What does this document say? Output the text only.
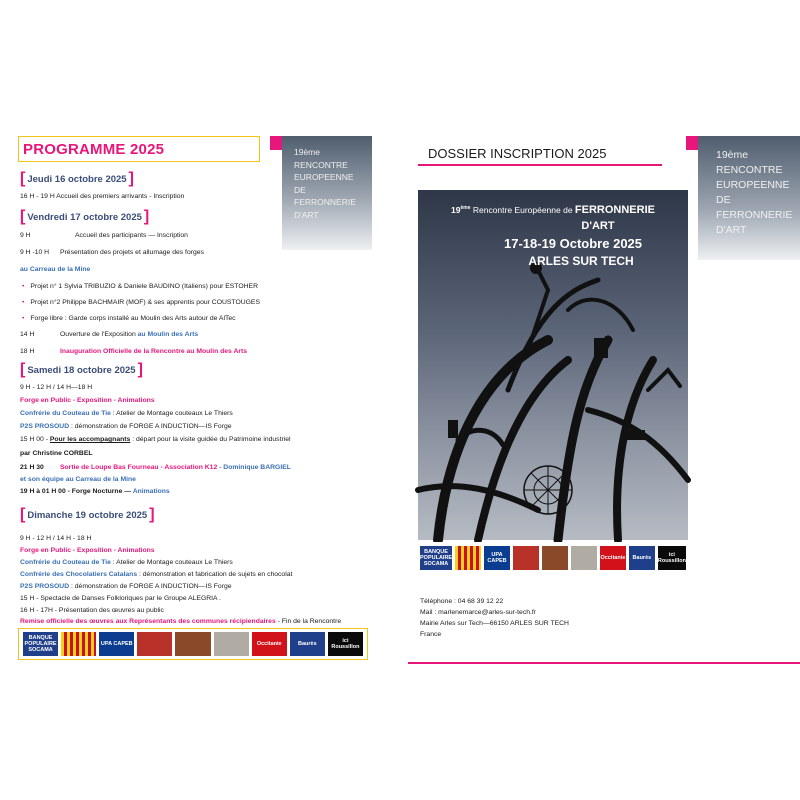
PROGRAMME 2025	19ème
RENCONTRE
EUROPEENNE
DE
FERRONNERIE
D'ART
[ Jeudi 16 octobre 2025 ]
16 H - 19 H Accueil des premiers arrivants - Inscription
[ Vendredi 17 octobre 2025 ]
9 H	Accueil des participants — Inscription
9 H -10 H Présentation des projets et allumage des forges
au Carreau de la Mine
• Projet n° 1 Sylvia TRIBUZIO & Daniele BAUDINO (Italiens) pour ESTOHER
• Projet n°2 Philippe BACHMAIR (MOF) & ses apprentis pour COUSTOUGES
• Forge libre : Garde corps installé au Moulin des Arts autour de AlTec
14 H	Ouverture de l'Exposition au Moulin des Arts
18 H	Inauguration Officielle de la Rencontre au Moulin des Arts
[ Samedi 18 octobre 2025 ]
9 H - 12 H / 14 H—18 H
Forge en Public - Exposition - Animations
Confrérie du Couteau de Tie : Atelier de Montage couteaux Le Thiers
P2S PROSOUD : démonstration de FORGE A INDUCTION—IS Forge
15 H 00 - Pour les accompagnants : départ pour la visite guidée du Patrimoine industriel
par Christine CORBEL
21 H 30 Sortie de Loupe Bas Fourneau - Association K12 - Dominique BARGIEL
et son équipe au Carreau de la Mine
19 H à 01 H 00 - Forge Nocturne — Animations
[ Dimanche 19 octobre 2025 ]
9 H - 12 H / 14 H - 18 H
Forge en Public - Exposition - Animations
Confrérie du Couteau de Tie : Atelier de Montage couteaux Le Thiers
Confrérie des Chocolatiers Catalans : démonstration et fabrication de sujets en chocolat
P2S PROSOUD : démonstration de FORGE A INDUCTION—IS Forge
15 H - Spectacle de Danses Folkloriques par le Groupe ALEGRIA .
16 H - 17H - Présentation des œuvres au public
Remise officielle des œuvres aux Représentants des communes récipiendaires - Fin de la Rencontre
BANQUE POPULAIRE SOCAMA
UPA CAPEB	Occitanie	Baurès	ici Roussillon
DOSSIER INSCRIPTION 2025	19ème
RENCONTRE
EUROPEENNE
DE
FERRONNERIE
D'ART
19ème Rencontre Européenne de FERRONNERIE
D'ART
17-18-19 Octobre 2025
ARLES SUR TECH
BANQUE POPULAIRE SOCAMA
UPA CAPEB	Occitanie	Baurès	ici Roussillon
Téléphone : 04 68 39 12 22
Mail : marlenemarce@arles-sur-tech.fr
Mairie Arles sur Tech—66150 ARLES SUR TECH
France
